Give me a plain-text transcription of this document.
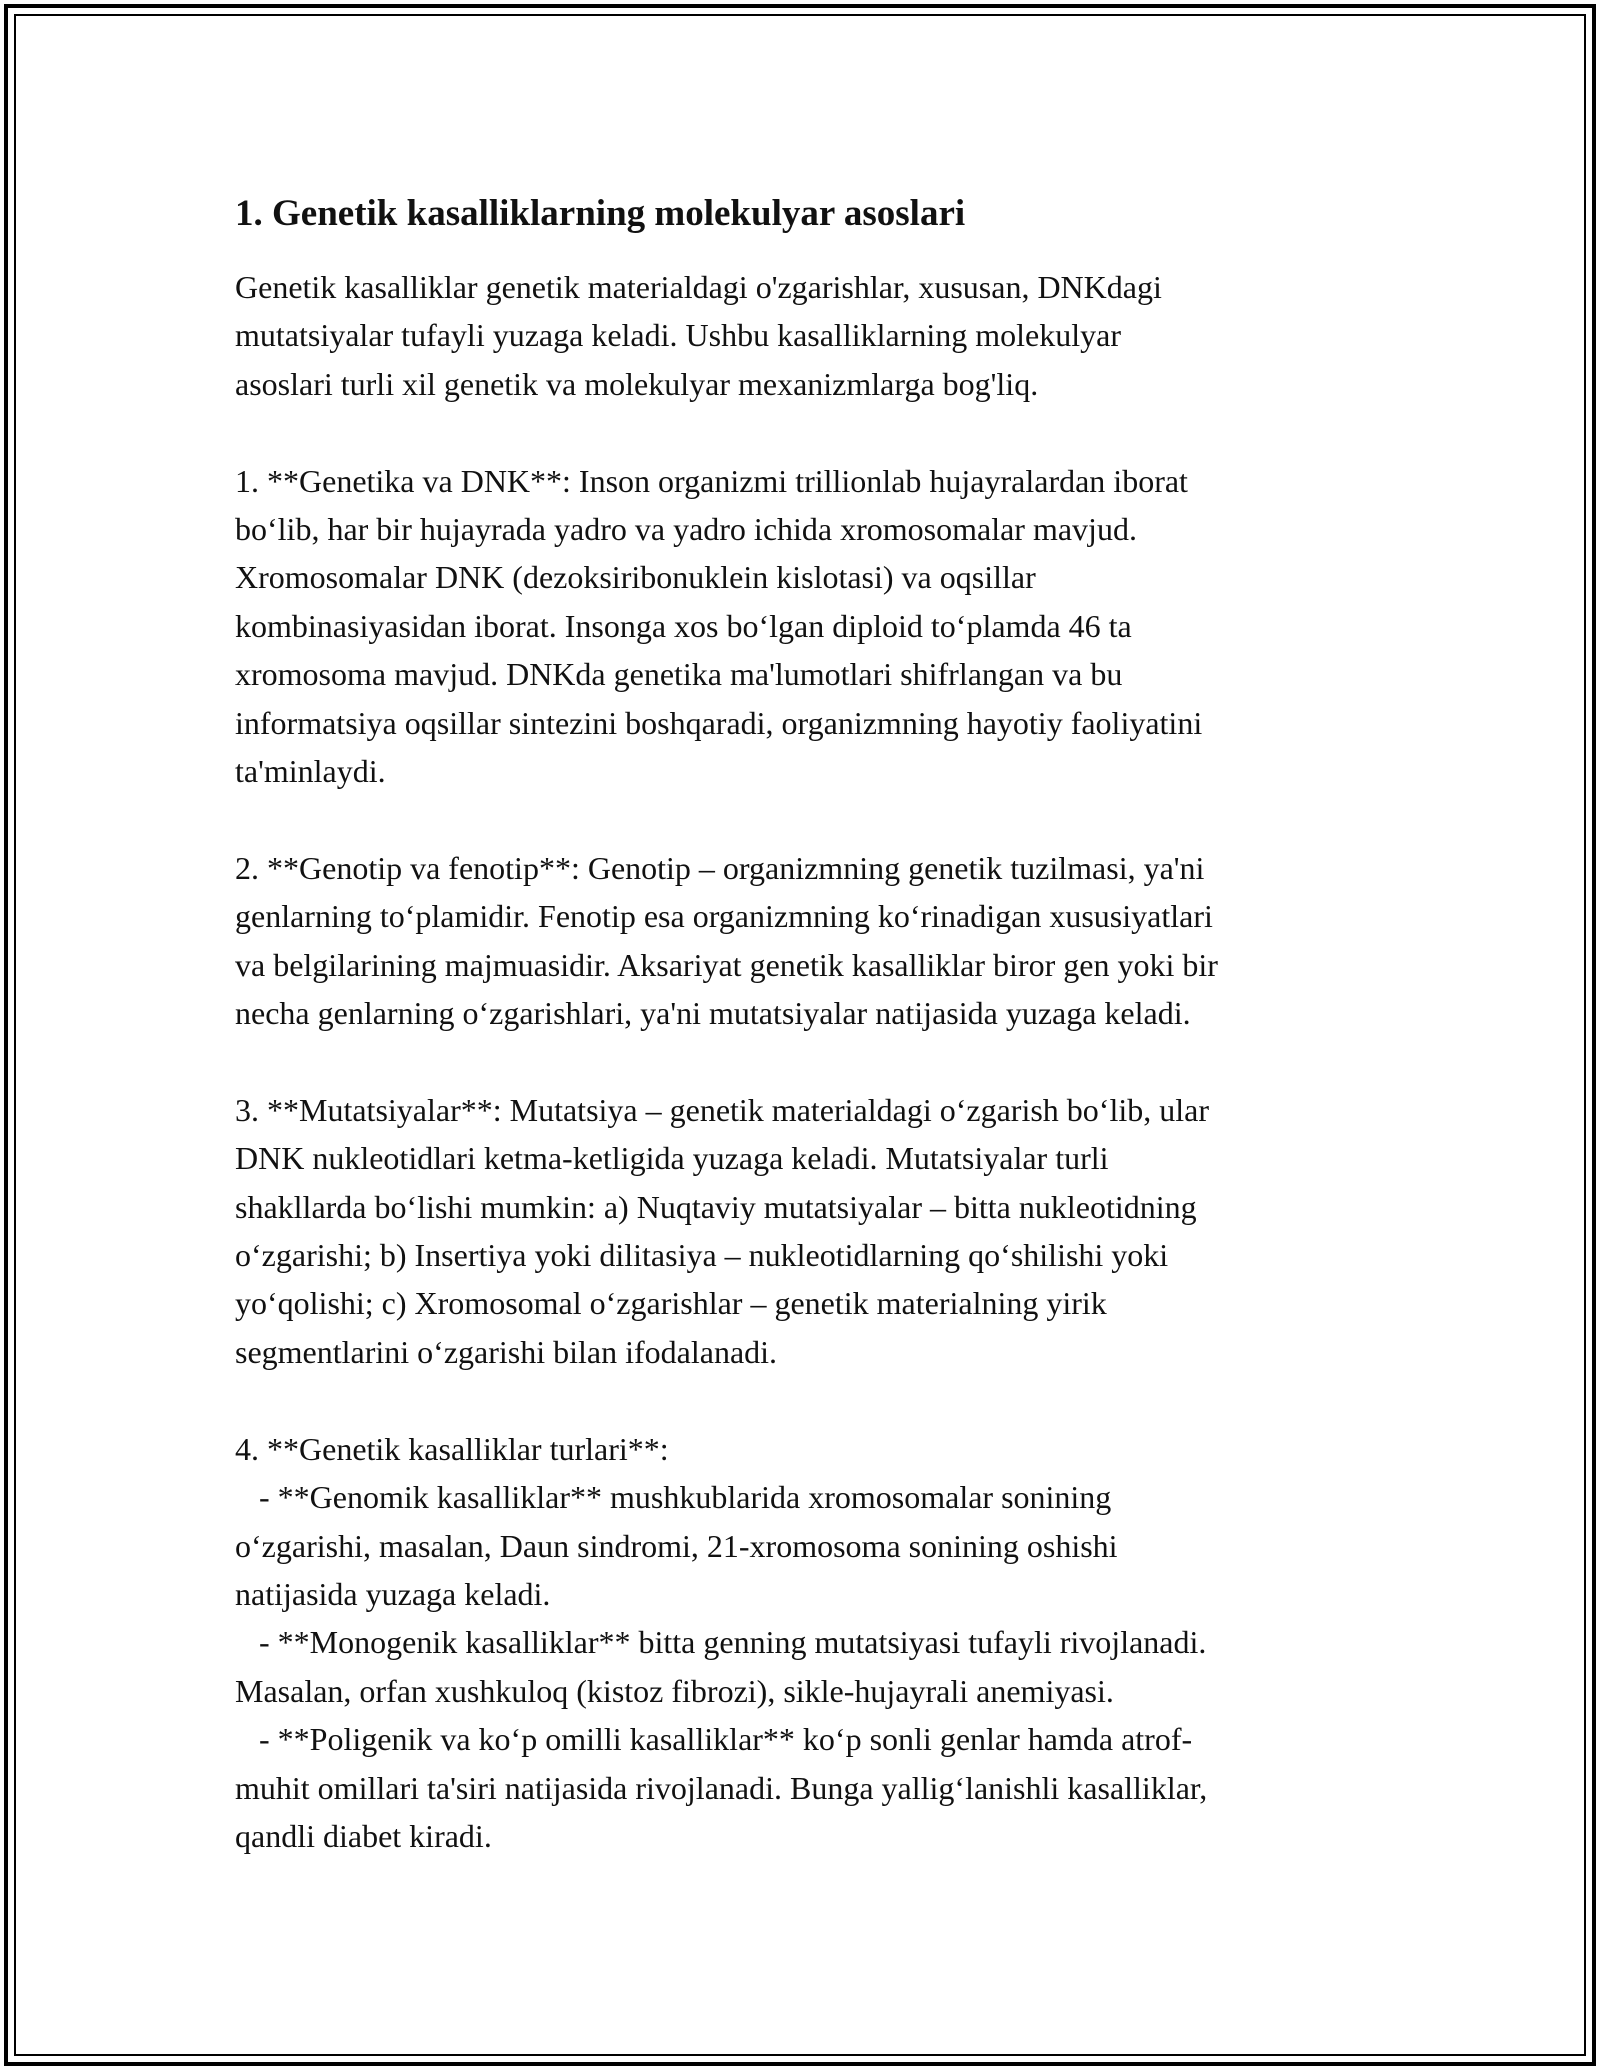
1. Genetik kasalliklarning molekulyar asoslari

Genetik kasalliklar genetik materialdagi o'zgarishlar, xususan, DNKdagi
mutatsiyalar tufayli yuzaga keladi. Ushbu kasalliklarning molekulyar
asoslari turli xil genetik va molekulyar mexanizmlarga bog'liq.

1. **Genetika va DNK**: Inson organizmi trillionlab hujayralardan iborat
bo‘lib, har bir hujayrada yadro va yadro ichida xromosomalar mavjud.
Xromosomalar DNK (dezoksiribonuklein kislotasi) va oqsillar
kombinasiyasidan iborat. Insonga xos bo‘lgan diploid to‘plamda 46 ta
xromosoma mavjud. DNKda genetika ma'lumotlari shifrlangan va bu
informatsiya oqsillar sintezini boshqaradi, organizmning hayotiy faoliyatini
ta'minlaydi.

2. **Genotip va fenotip**: Genotip – organizmning genetik tuzilmasi, ya'ni
genlarning to‘plamidir. Fenotip esa organizmning ko‘rinadigan xususiyatlari
va belgilarining majmuasidir. Aksariyat genetik kasalliklar biror gen yoki bir
necha genlarning o‘zgarishlari, ya'ni mutatsiyalar natijasida yuzaga keladi.

3. **Mutatsiyalar**: Mutatsiya – genetik materialdagi o‘zgarish bo‘lib, ular
DNK nukleotidlari ketma-ketligida yuzaga keladi. Mutatsiyalar turli
shakllarda bo‘lishi mumkin: a) Nuqtaviy mutatsiyalar – bitta nukleotidning
o‘zgarishi; b) Insertiya yoki dilitasiya – nukleotidlarning qo‘shilishi yoki
yo‘qolishi; c) Xromosomal o‘zgarishlar – genetik materialning yirik
segmentlarini o‘zgarishi bilan ifodalanadi.

4. **Genetik kasalliklar turlari**:
- **Genomik kasalliklar** mushkublarida xromosomalar sonining
o‘zgarishi, masalan, Daun sindromi, 21-xromosoma sonining oshishi
natijasida yuzaga keladi.
- **Monogenik kasalliklar** bitta genning mutatsiyasi tufayli rivojlanadi.
Masalan, orfan xushkuloq (kistoz fibrozi), sikle-hujayrali anemiyasi.
- **Poligenik va ko‘p omilli kasalliklar** ko‘p sonli genlar hamda atrof-
muhit omillari ta'siri natijasida rivojlanadi. Bunga yallig‘lanishli kasalliklar,
qandli diabet kiradi.
